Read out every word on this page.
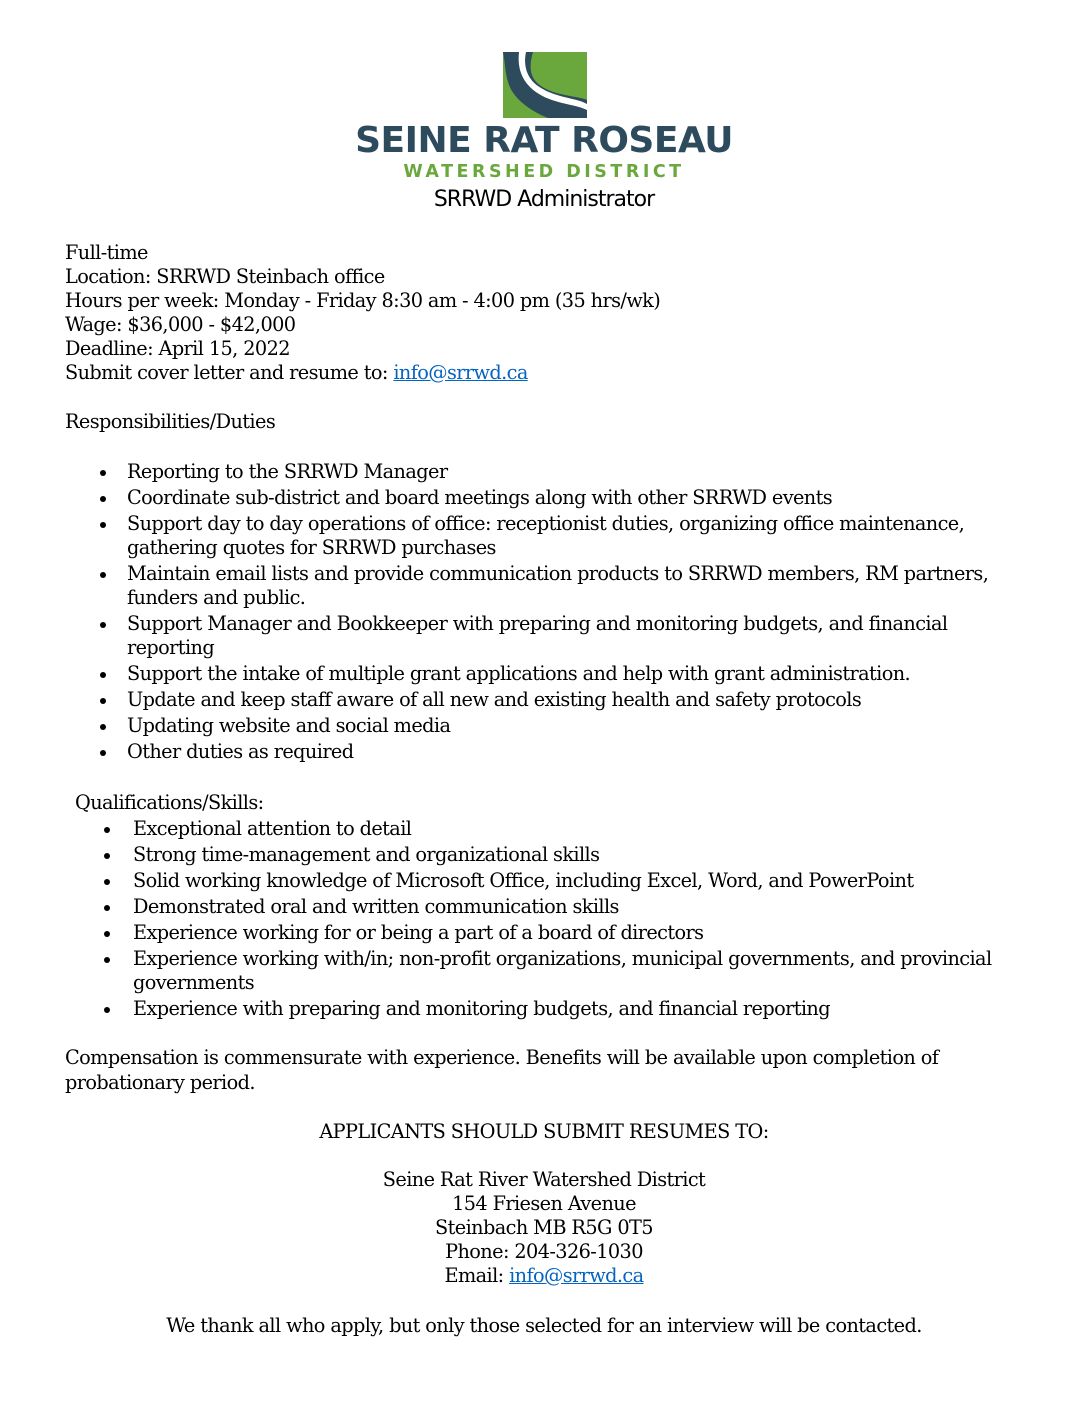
SEINE RAT ROSEAU
WATERSHED DISTRICT
SRRWD Administrator
Full-time
Location: SRRWD Steinbach office
Hours per week: Monday - Friday 8:30 am - 4:00 pm (35 hrs/wk)
Wage: $36,000 - $42,000
Deadline: April 15, 2022
Submit cover letter and resume to: info@srrwd.ca
Responsibilities/Duties
Reporting to the SRRWD Manager
Coordinate sub-district and board meetings along with other SRRWD events
Support day to day operations of office: receptionist duties, organizing office maintenance,
gathering quotes for SRRWD purchases
Maintain email lists and provide communication products to SRRWD members, RM partners,
funders and public.
Support Manager and Bookkeeper with preparing and monitoring budgets, and financial
reporting
Support the intake of multiple grant applications and help with grant administration.
Update and keep staff aware of all new and existing health and safety protocols
Updating website and social media
Other duties as required
Qualifications/Skills:
Exceptional attention to detail
Strong time-management and organizational skills
Solid working knowledge of Microsoft Office, including Excel, Word, and PowerPoint
Demonstrated oral and written communication skills
Experience working for or being a part of a board of directors
Experience working with/in; non-profit organizations, municipal governments, and provincial
governments
Experience with preparing and monitoring budgets, and financial reporting
Compensation is commensurate with experience. Benefits will be available upon completion of
probationary period.
APPLICANTS SHOULD SUBMIT RESUMES TO:
Seine Rat River Watershed District
154 Friesen Avenue
Steinbach MB R5G 0T5
Phone: 204-326-1030
Email: info@srrwd.ca
We thank all who apply, but only those selected for an interview will be contacted.
